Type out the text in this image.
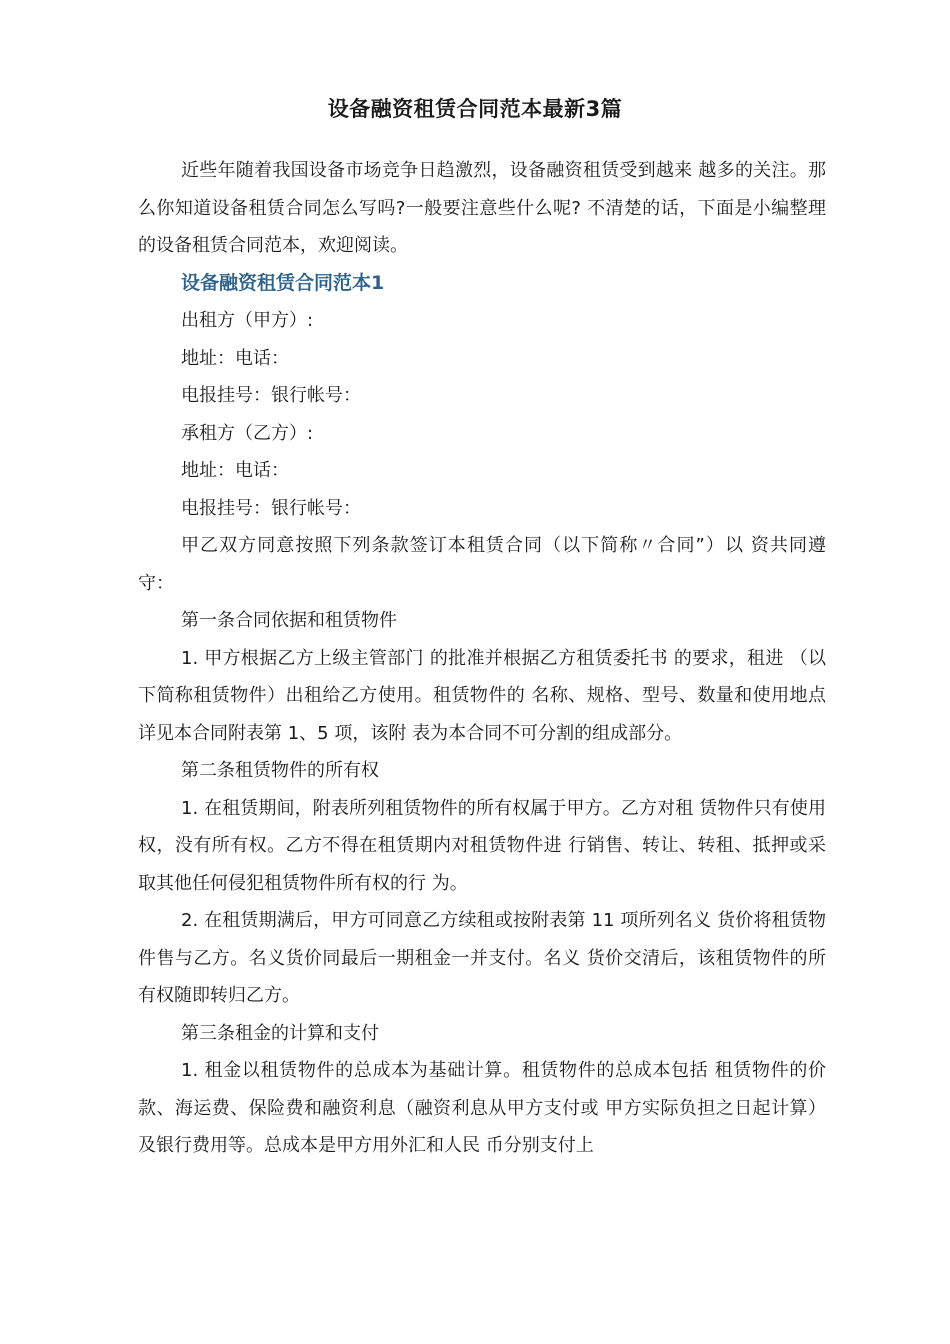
设备融资租赁合同范本最新3篇

近些年随着我国设备市场竞争日趋激烈，设备融资租赁受到越来 越多的关注。那么你知道设备租赁合同怎么写吗?一般要注意些什么呢? 不清楚的话，下面是小编整理的设备租赁合同范本，欢迎阅读。

设备融资租赁合同范本1

出租方（甲方）:

地址：电话：

电报挂号：银行帐号：

承租方（乙方）:

地址：电话：

电报挂号：银行帐号：

甲乙双方同意按照下列条款签订本租赁合同（以下简称〃合同”）以 资共同遵守：

第一条合同依据和租赁物件

1. 甲方根据乙方上级主管部门 的批准并根据乙方租赁委托书 的要求，租进 （以下简称租赁物件）出租给乙方使用。租赁物件的 名称、规格、型号、数量和使用地点详见本合同附表第 1、5 项，该附 表为本合同不可分割的组成部分。

第二条租赁物件的所有权

1. 在租赁期间，附表所列租赁物件的所有权属于甲方。乙方对租 赁物件只有使用权，没有所有权。乙方不得在租赁期内对租赁物件进 行销售、转让、转租、抵押或采取其他任何侵犯租赁物件所有权的行 为。

2. 在租赁期满后，甲方可同意乙方续租或按附表第 11 项所列名义 货价将租赁物件售与乙方。名义货价同最后一期租金一并支付。名义 货价交清后，该租赁物件的所有权随即转归乙方。

第三条租金的计算和支付

1. 租金以租赁物件的总成本为基础计算。租赁物件的总成本包括 租赁物件的价款、海运费、保险费和融资利息（融资利息从甲方支付或 甲方实际负担之日起计算）及银行费用等。总成本是甲方用外汇和人民 币分别支付上
